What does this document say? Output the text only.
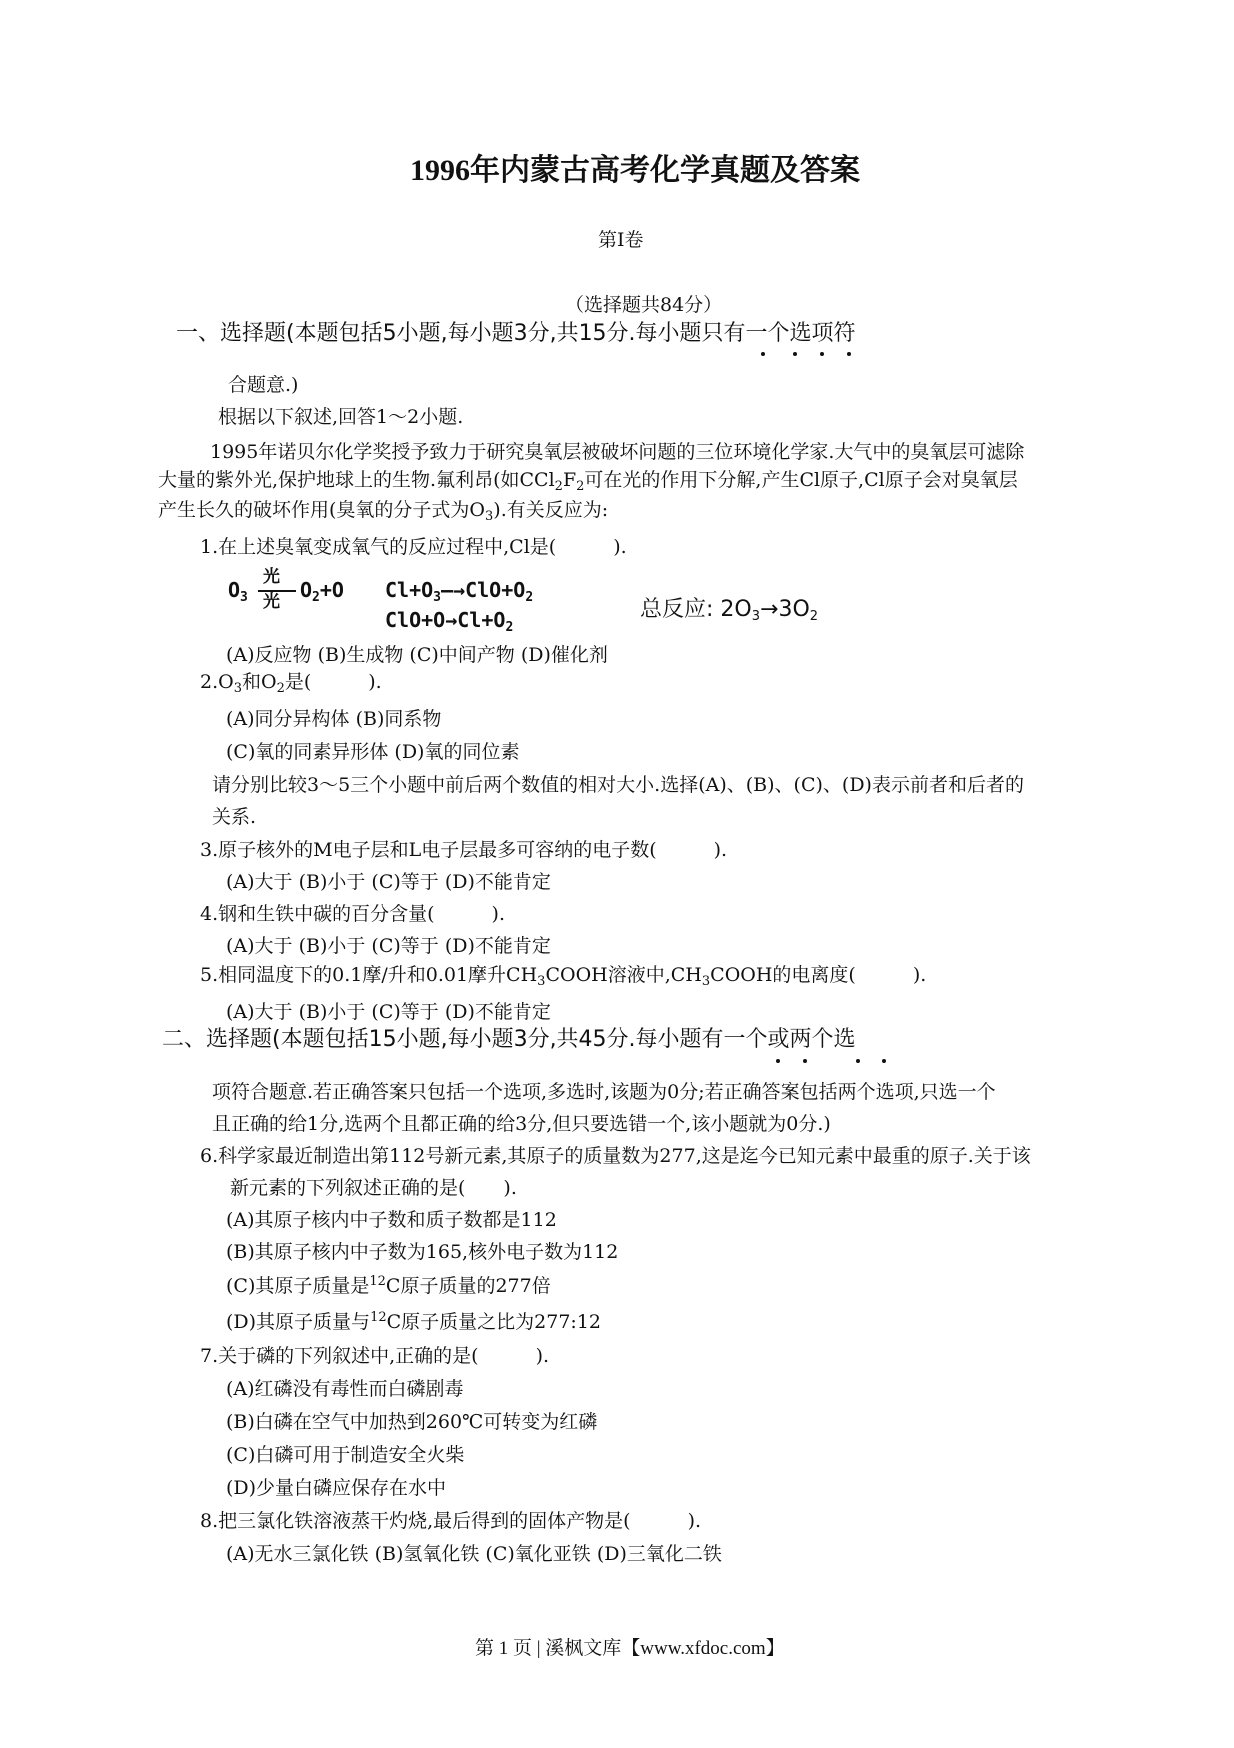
1996年内蒙古高考化学真题及答案
第I卷
（选择题共84分）
一、选择题(本题包括5小题,每小题3分,共15分.每小题只有一个选项符
合题意.)
根据以下叙述,回答1～2小题.
1995年诺贝尔化学奖授予致力于研究臭氧层被破坏问题的三位环境化学家.大气中的臭氧层可滤除
大量的紫外光,保护地球上的生物.氟利昂(如$CCl_2F_2$可在光的作用下分解,产生Cl原子,Cl原子会对臭氧层
产生长久的破坏作用(臭氧的分子式为$O_3$).有关反应为:
1.在上述臭氧变成氧气的反应过程中,Cl是(　　　).
$O_3$
光
光 $O_2+O$ $Cl+O_3—\to ClO+O_2$
$ClO+O\to Cl+O_2$
总反应: $2O_3\to 3O_2$
(A)反应物 (B)生成物 (C)中间产物 (D)催化剂
$2.O_3$和$O_2$是(　　　).
(A)同分异构体 (B)同系物
(C)氧的同素异形体 (D)氧的同位素
请分别比较3～5三个小题中前后两个数值的相对大小.选择(A)、(B)、(C)、(D)表示前者和后者的
关系.
3.原子核外的M电子层和L电子层最多可容纳的电子数(　　　).
(A)大于 (B)小于 (C)等于 (D)不能肯定
4.钢和生铁中碳的百分含量(　　　).
(A)大于 (B)小于 (C)等于 (D)不能肯定
5.相同温度下的0.1摩/升和0.01摩升$CH_3COOH$溶液中$,CH_3COOH$的电离度(　　　).
(A)大于 (B)小于 (C)等于 (D)不能肯定
二、选择题(本题包括15小题,每小题3分,共45分.每小题有一个或两个选
项符合题意.若正确答案只包括一个选项,多选时,该题为0分;若正确答案包括两个选项,只选一个
且正确的给1分,选两个且都正确的给3分,但只要选错一个,该小题就为0分.)
6.科学家最近制造出第112号新元素,其原子的质量数为277,这是迄今已知元素中最重的原子.关于该
新元素的下列叙述正确的是(　　).
(A)其原子核内中子数和质子数都是112
(B)其原子核内中子数为165,核外电子数为112
(C)其原子质量是$^{12}$C原子质量的277倍
(D)其原子质量与$^{12}$C原子质量之比为277:12
7.关于磷的下列叙述中,正确的是(　　　).
(A)红磷没有毒性而白磷剧毒
(B)白磷在空气中加热到260℃可转变为红磷
(C)白磷可用于制造安全火柴
(D)少量白磷应保存在水中
8.把三氯化铁溶液蒸干灼烧,最后得到的固体产物是(　　　).
(A)无水三氯化铁 (B)氢氧化铁 (C)氧化亚铁 (D)三氧化二铁
第 1 页 | 溪枫文库【www.xfdoc.com】
